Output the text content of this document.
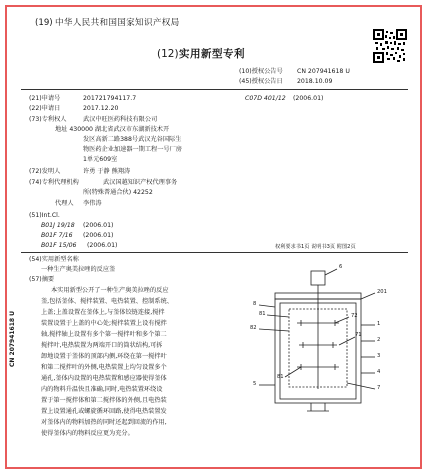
(19) 中华人民共和国国家知识产权局
(12) 实用新型专利
(10)授权公告号 CN 207941618 U
(45)授权公告日 2018.10.09
(21)申请号	201721794117.7
(22)申请日	2017.12.20
(73)专利权人	武汉中旺医药科技有限公司
地址 430000 湖北省武汉市东湖新技术开
发区高新二路388号武汉光谷国际生
物医药企业加速器一期工程一号厂房
1单元609室
(72)发明人	许勇 于静 熊翔涛
(74)专利代理机构	武汉国越知识产权代理事务
所(特殊普通合伙) 42252
代理人 李伟涛
(51)Int.Cl.
B01J 19/18 (2006.01)
B01F 7/16 (2006.01)
B01F 15/06 (2006.01)
C07D 401/12 (2006.01)
权利要求书1页 说明书3页 附图2页
(54)实用新型名称
一种生产奥美拉唑的反应釜
(57)摘要
本实用新型公开了一种生产奥美拉唑的反应
釜,包括釜体、搅拌装置、电热装置、控制系统、
上盖;上盖设置在釜体上,与釜体铰链连接,搅拌
装置设置于上盖的中心处;搅拌装置上设有搅拌
轴,搅拌轴上设置有多个第一搅拌叶和多个第二
搅拌叶,电热装置为两端开口的筒状结构,可拆
卸地设置于釜体的顶部内侧,环绕在第一搅拌叶
和第二搅拌叶的外侧,电热装置上均匀设置多个
通孔,釜体内设置的电热装置和感应器使得釜体
内的物料升温快且准确,同时,电热装置环绕设
置于第一搅拌体和第二搅拌体的外侧,且电热装
置上设置通孔或螺旋循环回路,使得电热装置发
对釜体内的物料加热的同时还起到回流的作用,
使得釜体内的物料反应更为充分。
CN 207941618 U
6
201
8
81	72
82
71
1
2
3
4
5
7
81
